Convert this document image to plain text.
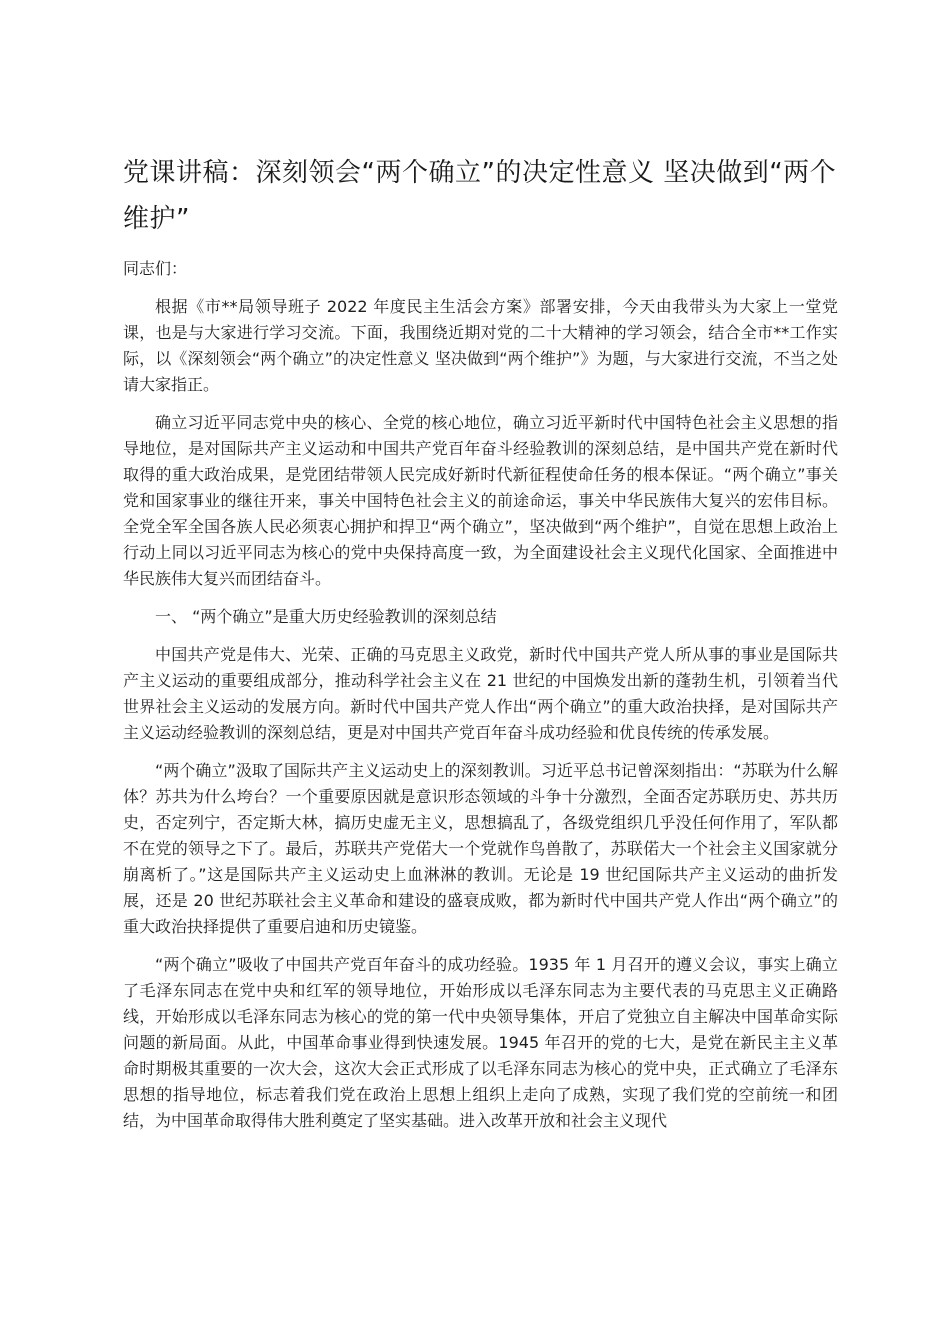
党课讲稿：深刻领会“两个确立”的决定性意义 坚决做到“两个维护”

同志们：

根据《市**局领导班子 2022 年度民主生活会方案》部署安排，今天由我带头为大家上一堂党课，也是与大家进行学习交流。下面，我围绕近期对党的二十大精神的学习领会，结合全市**工作实际，以《深刻领会“两个确立”的决定性意义 坚决做到“两个维护”》为题，与大家进行交流，不当之处请大家指正。

确立习近平同志党中央的核心、全党的核心地位，确立习近平新时代中国特色社会主义思想的指导地位，是对国际共产主义运动和中国共产党百年奋斗经验教训的深刻总结，是中国共产党在新时代取得的重大政治成果，是党团结带领人民完成好新时代新征程使命任务的根本保证。“两个确立”事关党和国家事业的继往开来，事关中国特色社会主义的前途命运，事关中华民族伟大复兴的宏伟目标。全党全军全国各族人民必须衷心拥护和捍卫“两个确立”，坚决做到“两个维护”，自觉在思想上政治上行动上同以习近平同志为核心的党中央保持高度一致，为全面建设社会主义现代化国家、全面推进中华民族伟大复兴而团结奋斗。

一、 “两个确立”是重大历史经验教训的深刻总结

中国共产党是伟大、光荣、正确的马克思主义政党，新时代中国共产党人所从事的事业是国际共产主义运动的重要组成部分，推动科学社会主义在 21 世纪的中国焕发出新的蓬勃生机，引领着当代世界社会主义运动的发展方向。新时代中国共产党人作出“两个确立”的重大政治抉择，是对国际共产主义运动经验教训的深刻总结，更是对中国共产党百年奋斗成功经验和优良传统的传承发展。

“两个确立”汲取了国际共产主义运动史上的深刻教训。习近平总书记曾深刻指出：“苏联为什么解体？苏共为什么垮台？一个重要原因就是意识形态领域的斗争十分激烈，全面否定苏联历史、苏共历史，否定列宁，否定斯大林，搞历史虚无主义，思想搞乱了，各级党组织几乎没任何作用了，军队都不在党的领导之下了。最后，苏联共产党偌大一个党就作鸟兽散了，苏联偌大一个社会主义国家就分崩离析了。”这是国际共产主义运动史上血淋淋的教训。无论是 19 世纪国际共产主义运动的曲折发展，还是 20 世纪苏联社会主义革命和建设的盛衰成败，都为新时代中国共产党人作出“两个确立”的重大政治抉择提供了重要启迪和历史镜鉴。

“两个确立”吸收了中国共产党百年奋斗的成功经验。1935 年 1 月召开的遵义会议，事实上确立了毛泽东同志在党中央和红军的领导地位，开始形成以毛泽东同志为主要代表的马克思主义正确路线，开始形成以毛泽东同志为核心的党的第一代中央领导集体，开启了党独立自主解决中国革命实际问题的新局面。从此，中国革命事业得到快速发展。1945 年召开的党的七大，是党在新民主主义革命时期极其重要的一次大会，这次大会正式形成了以毛泽东同志为核心的党中央，正式确立了毛泽东思想的指导地位，标志着我们党在政治上思想上组织上走向了成熟，实现了我们党的空前统一和团结，为中国革命取得伟大胜利奠定了坚实基础。进入改革开放和社会主义现代
